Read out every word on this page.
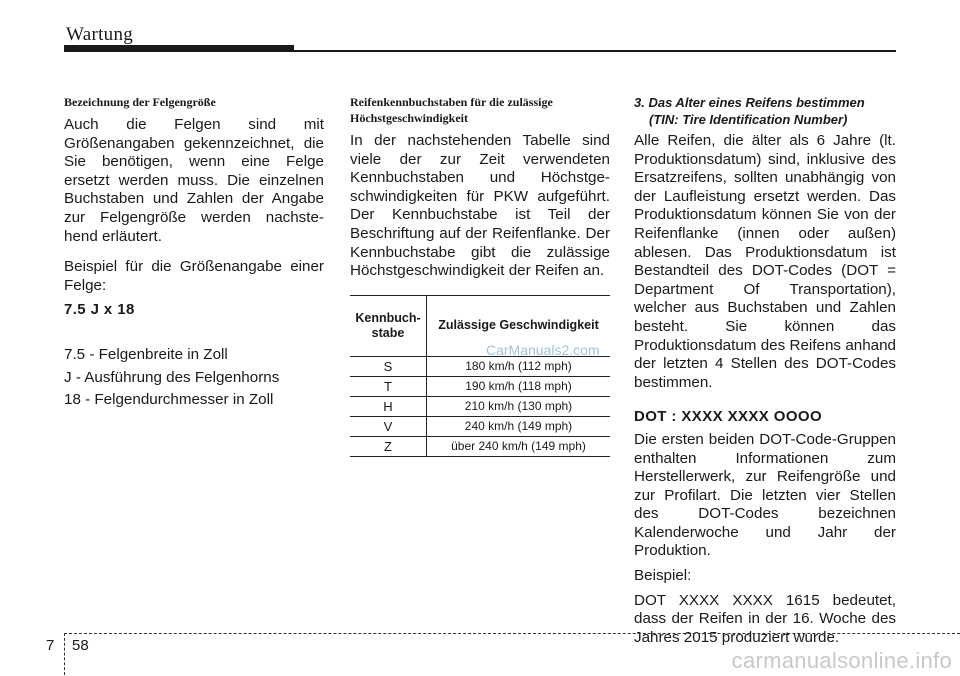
Wartung
Bezeichnung der Felgengröße

Auch die Felgen sind mit Größenangaben gekennzeichnet, die Sie benötigen, wenn eine Felge ersetzt werden muss. Die einzelnen Buchstaben und Zahlen der Angabe zur Felgengröße werden nachste-hend erläutert.

Beispiel für die Größenangabe einer Felge:

7.5 J x 18

7.5 - Felgenbreite in Zoll

J - Ausführung des Felgenhorns

18 - Felgendurchmesser in Zoll

Reifenkennbuchstaben für die zulässige Höchstgeschwindigkeit

In der nachstehenden Tabelle sind viele der zur Zeit verwendeten Kennbuchstaben und Höchstge-schwindigkeiten für PKW aufgeführt. Der Kennbuchstabe ist Teil der Beschriftung auf der Reifenflanke. Der Kennbuchstabe gibt die zulässige Höchstgeschwindigkeit der Reifen an.

Kennbuch-stabe	Zulässige Geschwindigkeit
S	180 km/h (112 mph)
T	190 km/h (118 mph)
H	210 km/h (130 mph)
V	240 km/h (149 mph)
Z	über 240 km/h (149 mph)
3. Das Alter eines Reifens bestimmen
(TIN: Tire Identification Number)

Alle Reifen, die älter als 6 Jahre (lt. Produktionsdatum) sind, inklusive des Ersatzreifens, sollten unabhängig von der Laufleistung ersetzt werden. Das Produktionsdatum können Sie von der Reifenflanke (innen oder außen) ablesen. Das Produktionsdatum ist Bestandteil des DOT-Codes (DOT = Department Of Transportation), welcher aus Buchstaben und Zahlen besteht. Sie können das Produktionsdatum des Reifens anhand der letzten 4 Stellen des DOT-Codes bestimmen.

DOT : XXXX XXXX OOOO

Die ersten beiden DOT-Code-Gruppen enthalten Informationen zum Herstellerwerk, zur Reifengröße und zur Profilart. Die letzten vier Stellen des DOT-Codes bezeichnen Kalenderwoche und Jahr der Produktion.

Beispiel:

DOT XXXX XXXX 1615 bedeutet, dass der Reifen in der 16. Woche des Jahres 2015 produziert wurde.

CarManuals2.com
7 58
carmanualsonline.info
